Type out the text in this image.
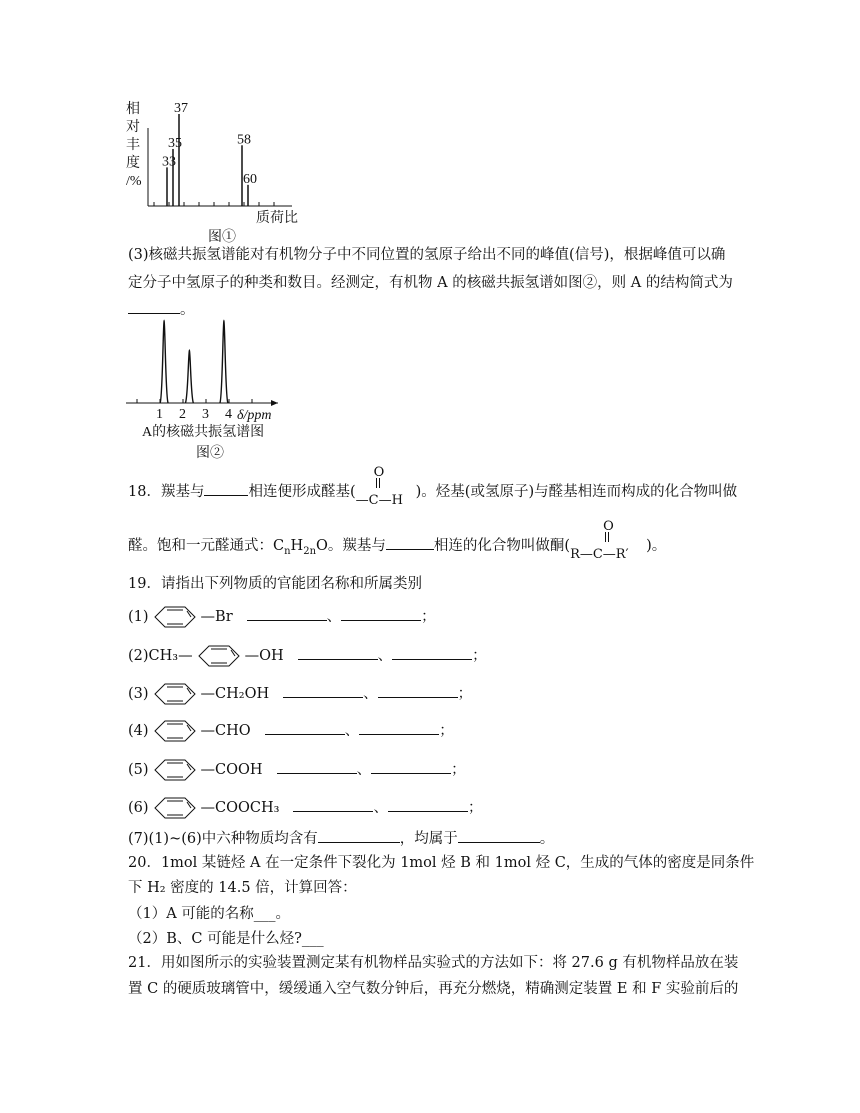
相
对
丰
度
/%
33
35
37
58
60
质荷比
图①
(3)核磁共振氢谱能对有机物分子中不同位置的氢原子给出不同的峰值(信号)，根据峰值可以确
定分子中氢原子的种类和数目。经测定，有机物 A 的核磁共振氢谱如图②，则 A 的结构简式为
。
1 2 3 4 δ/ppm
A的核磁共振氢谱图
图②
18．羰基与	相连便形成醛基(
O
—C—H
)。烃基(或氢原子)与醛基相连而构成的化合物叫做
醛。饱和一元醛通式：$C_nH_{2n}O$。羰基与	相连的化合物叫做酮(
O
R—C—R′
)。
19．请指出下列物质的官能团名称和所属类别
(1)	—Br	、	；
(2)CH₃—	—OH	、	；
(3)	—CH₂OH	、	；
(4)	—CHO	、	；
(5)	—COOH	、	；
(6)	—COOCH₃	、	；
(7)(1)~(6)中六种物质均含有	，均属于	。
20．1mol 某链烃 A 在一定条件下裂化为 1mol 烃 B 和 1mol 烃 C，生成的气体的密度是同条件
下 H₂ 密度的 14.5 倍，计算回答：
（1）A 可能的名称___。
（2）B、C 可能是什么烃?___
21．用如图所示的实验装置测定某有机物样品实验式的方法如下：将 27.6 g 有机物样品放在装
置 C 的硬质玻璃管中，缓缓通入空气数分钟后，再充分燃烧，精确测定装置 E 和 F 实验前后的
